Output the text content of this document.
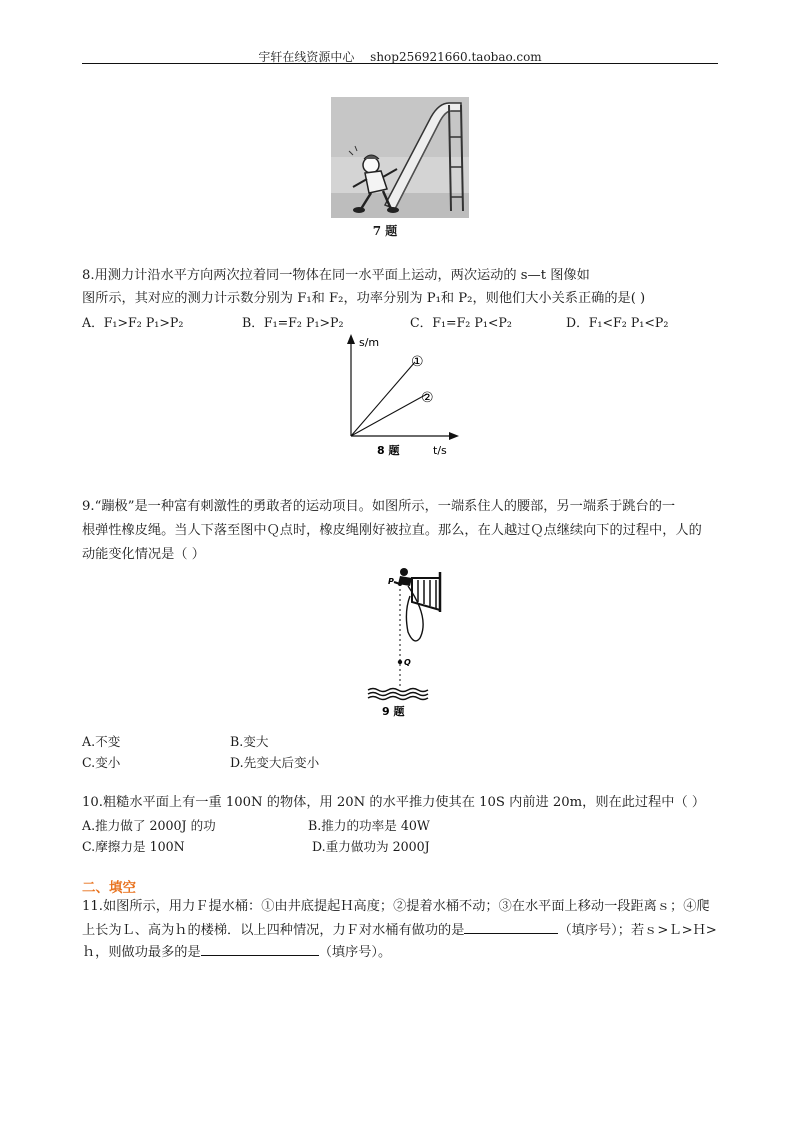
宇轩在线资源中心 shop256921660.taobao.com
7 题
8.用测力计沿水平方向两次拉着同一物体在同一水平面上运动，两次运动的 s—t 图像如
图所示，其对应的测力计示数分别为 F₁和 F₂，功率分别为 P₁和 P₂，则他们大小关系正确的是( )
A．F₁>F₂ P₁>P₂	B．F₁=F₂ P₁>P₂	C．F₁=F₂ P₁<P₂	D．F₁<F₂ P₁<P₂
s/m
①
②
t/s
8 题
9.“蹦极”是一种富有刺激性的勇敢者的运动项目。如图所示，一端系住人的腰部，另一端系于跳台的一
根弹性橡皮绳。当人下落至图中Ｑ点时，橡皮绳刚好被拉直。那么，在人越过Ｑ点继续向下的过程中，人的
动能变化情况是（ ）
P
Q
9 题
A.不变	B.变大
C.变小	D.先变大后变小
10.粗糙水平面上有一重 100N 的物体，用 20N 的水平推力使其在 10S 内前进 20m，则在此过程中（ ）
A.推力做了 2000J 的功	B.推力的功率是 40W
C.摩擦力是 100N	D.重力做功为 2000J
二、填空
11.如图所示，用力Ｆ提水桶：①由井底提起Ｈ高度；②提着水桶不动；③在水平面上移动一段距离ｓ；④爬
上长为Ｌ、高为ｈ的楼梯．以上四种情况，力Ｆ对水桶有做功的是	（填序号）；若ｓ>Ｌ>Ｈ>
ｈ，则做功最多的是	（填序号）。
